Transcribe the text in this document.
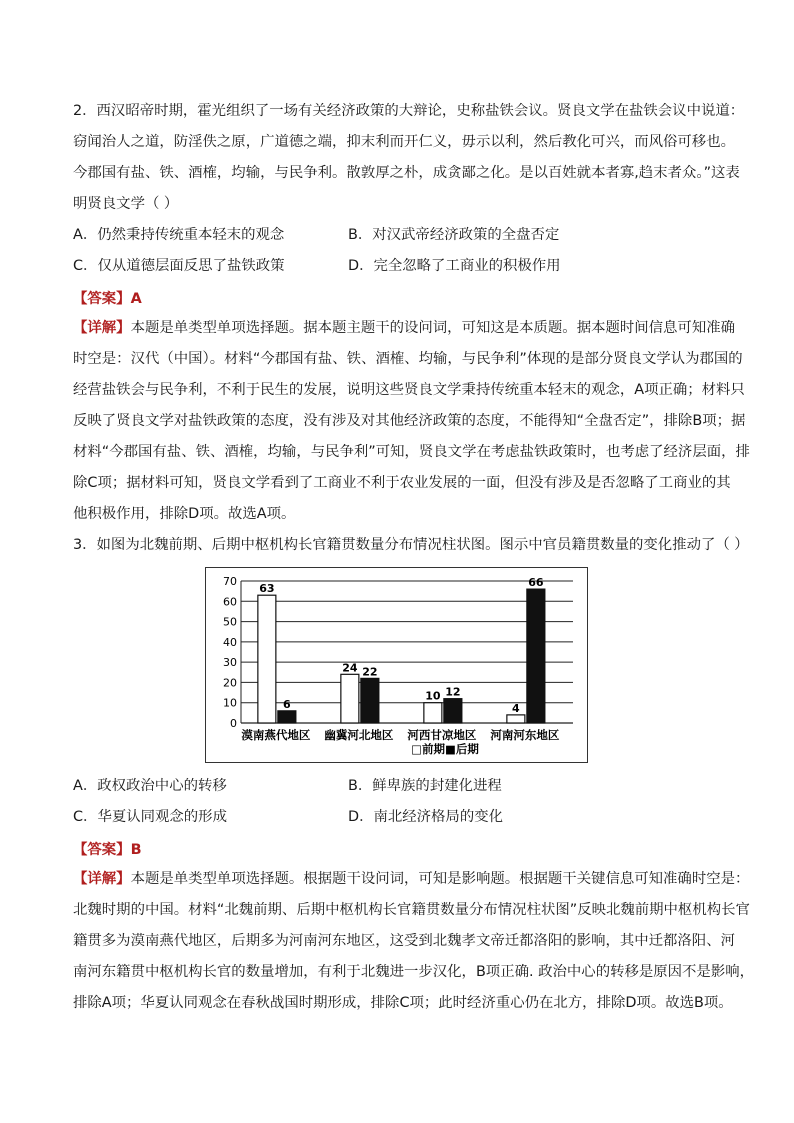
2．西汉昭帝时期，霍光组织了一场有关经济政策的大辩论，史称盐铁会议。贤良文学在盐铁会议中说道：
窃闻治人之道，防淫佚之原，广道德之端，抑末利而开仁义，毋示以利，然后教化可兴，而风俗可移也。
今郡国有盐、铁、酒榷，均输，与民争利。散敦厚之朴，成贪鄙之化。是以百姓就本者寡,趋末者众。”这表
明贤良文学（ ）
A．仍然秉持传统重本轻末的观念	B．对汉武帝经济政策的全盘否定
C．仅从道德层面反思了盐铁政策	D．完全忽略了工商业的积极作用
【答案】A
【详解】本题是单类型单项选择题。据本题主题干的设问词，可知这是本质题。据本题时间信息可知准确
时空是：汉代（中国）。材料“今郡国有盐、铁、酒榷、均输，与民争利”体现的是部分贤良文学认为郡国的
经营盐铁会与民争利，不利于民生的发展，说明这些贤良文学秉持传统重本轻末的观念，A项正确；材料只
反映了贤良文学对盐铁政策的态度，没有涉及对其他经济政策的态度，不能得知“全盘否定”，排除B项；据
材料“今郡国有盐、铁、酒榷，均输，与民争利”可知，贤良文学在考虑盐铁政策时，也考虑了经济层面，排
除C项；据材料可知，贤良文学看到了工商业不利于农业发展的一面，但没有涉及是否忽略了工商业的其
他积极作用，排除D项。故选A项。
3．如图为北魏前期、后期中枢机构长官籍贯数量分布情况柱状图。图示中官员籍贯数量的变化推动了（ ）
0
10
20
30
40
50
60
70
63
6
24 22
10 12
4
66
漠南燕代地区 幽冀河北地区 河西甘凉地区 河南河东地区
□前期■后期
A．政权政治中心的转移	B．鲜卑族的封建化进程
C．华夏认同观念的形成	D．南北经济格局的变化
【答案】B
【详解】本题是单类型单项选择题。根据题干设问词，可知是影响题。根据题干关键信息可知准确时空是：
北魏时期的中国。材料“北魏前期、后期中枢机构长官籍贯数量分布情况柱状图”反映北魏前期中枢机构长官
籍贯多为漠南燕代地区，后期多为河南河东地区，这受到北魏孝文帝迁都洛阳的影响，其中迁都洛阳、河
南河东籍贯中枢机构长官的数量增加，有利于北魏进一步汉化，B项正确. 政治中心的转移是原因不是影响，
排除A项；华夏认同观念在春秋战国时期形成，排除C项；此时经济重心仍在北方，排除D项。故选B项。
